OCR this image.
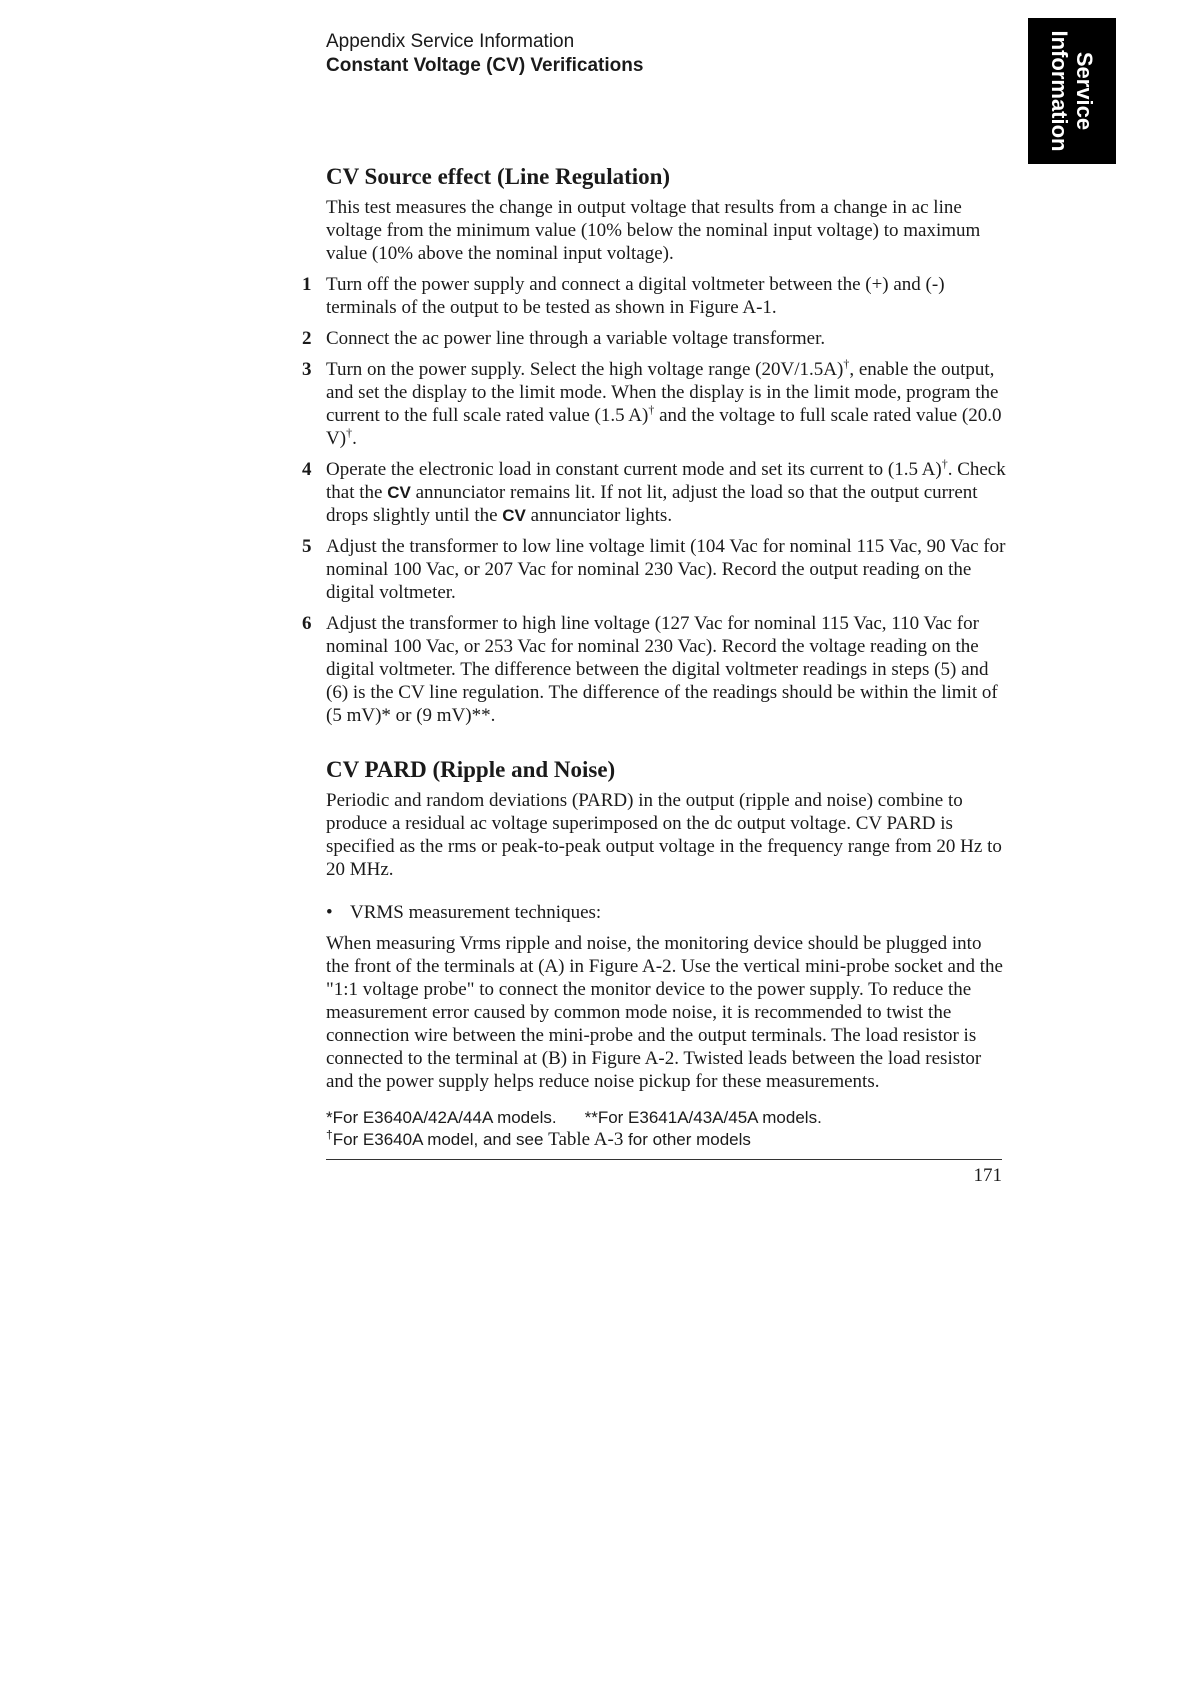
Appendix Service Information
Constant Voltage (CV) Verifications	Service
Information
CV Source effect (Line Regulation)

This test measures the change in output voltage that results from a change in ac line voltage from the minimum value (10% below the nominal input voltage) to maximum value (10% above the nominal input voltage).

1 Turn off the power supply and connect a digital voltmeter between the (+) and (-) terminals of the output to be tested as shown in Figure A-1.
2 Connect the ac power line through a variable voltage transformer.
3 Turn on the power supply. Select the high voltage range (20V/1.5A)†, enable the output, and set the display to the limit mode. When the display is in the limit mode, program the current to the full scale rated value (1.5 A)† and the voltage to full scale rated value (20.0 V)†.
4 Operate the electronic load in constant current mode and set its current to (1.5 A)†. Check that the CV annunciator remains lit. If not lit, adjust the load so that the output current drops slightly until the CV annunciator lights.
5 Adjust the transformer to low line voltage limit (104 Vac for nominal 115 Vac, 90 Vac for nominal 100 Vac, or 207 Vac for nominal 230 Vac). Record the output reading on the digital voltmeter.
6 Adjust the transformer to high line voltage (127 Vac for nominal 115 Vac, 110 Vac for nominal 100 Vac, or 253 Vac for nominal 230 Vac). Record the voltage reading on the digital voltmeter. The difference between the digital voltmeter readings in steps (5) and (6) is the CV line regulation. The difference of the readings should be within the limit of (5 mV)* or (9 mV)**.
CV PARD (Ripple and Noise)

Periodic and random deviations (PARD) in the output (ripple and noise) combine to produce a residual ac voltage superimposed on the dc output voltage. CV PARD is specified as the rms or peak-to-peak output voltage in the frequency range from 20 Hz to 20 MHz.

• VRMS measurement techniques:

When measuring Vrms ripple and noise, the monitoring device should be plugged into the front of the terminals at (A) in Figure A-2. Use the vertical mini-probe socket and the "1:1 voltage probe" to connect the monitor device to the power supply. To reduce the measurement error caused by common mode noise, it is recommended to twist the connection wire between the mini-probe and the output terminals. The load resistor is connected to the terminal at (B) in Figure A-2. Twisted leads between the load resistor and the power supply helps reduce noise pickup for these measurements.

*For E3640A/42A/44A models. **For E3641A/43A/45A models.
†For E3640A model, and see Table A-3 for other models
171
